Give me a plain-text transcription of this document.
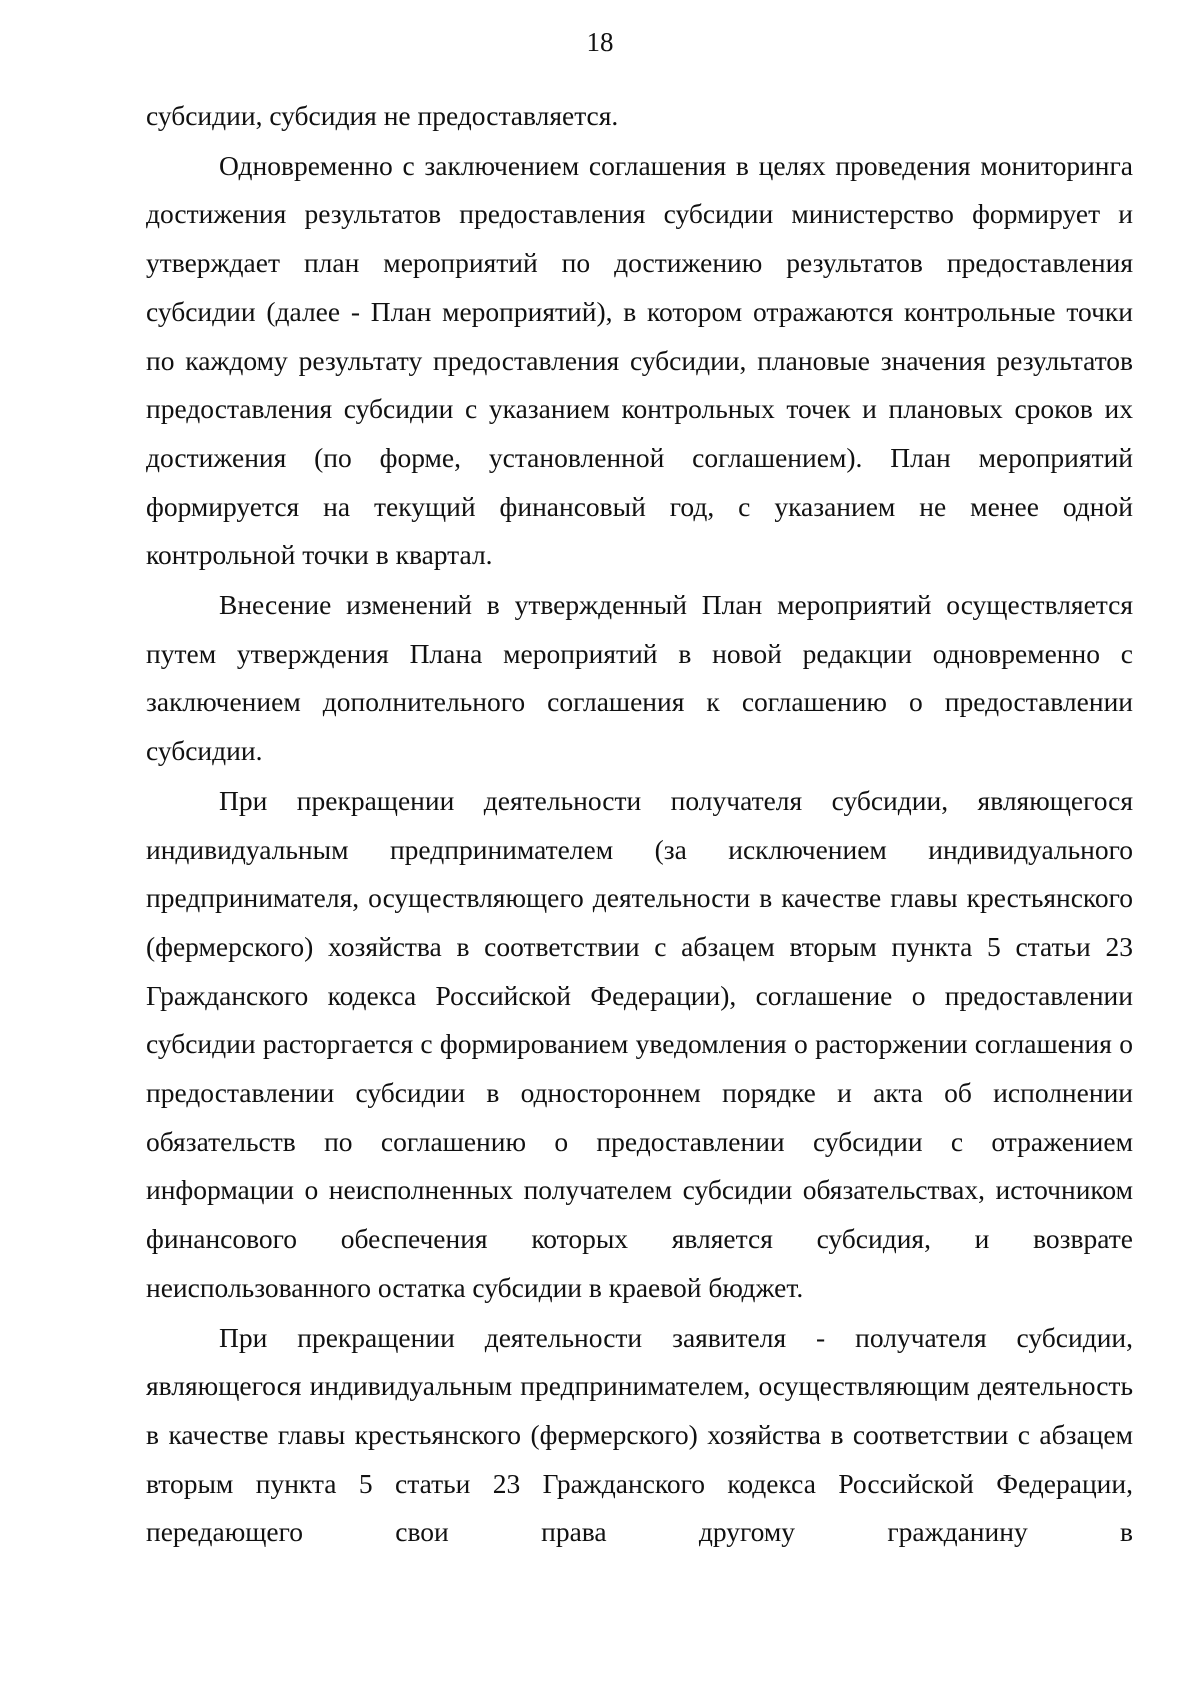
18

субсидии, субсидия не предоставляется.

Одновременно с заключением соглашения в целях проведения мониторинга достижения результатов предоставления субсидии министерство формирует и утверждает план мероприятий по достижению результатов предоставления субсидии (далее - План мероприятий), в котором отражаются контрольные точки по каждому результату предоставления субсидии, плановые значения результатов предоставления субсидии с указанием контрольных точек и плановых сроков их достижения (по форме, установленной соглашением). План мероприятий формируется на текущий финансовый год, с указанием не менее одной контрольной точки в квартал.

Внесение изменений в утвержденный План мероприятий осуществляется путем утверждения Плана мероприятий в новой редакции одновременно с заключением дополнительного соглашения к соглашению о предоставлении субсидии.

При прекращении деятельности получателя субсидии, являющегося индивидуальным предпринимателем (за исключением индивидуального предпринимателя, осуществляющего деятельности в качестве главы крестьянского (фермерского) хозяйства в соответствии с абзацем вторым пункта 5 статьи 23 Гражданского кодекса Российской Федерации), соглашение о предоставлении субсидии расторгается с формированием уведомления о расторжении соглашения о предоставлении субсидии в одностороннем порядке и акта об исполнении обязательств по соглашению о предоставлении субсидии с отражением информации о неисполненных получателем субсидии обязательствах, источником финансового обеспечения которых является субсидия, и возврате неиспользованного остатка субсидии в краевой бюджет.

При прекращении деятельности заявителя - получателя субсидии, являющегося индивидуальным предпринимателем, осуществляющим деятельность в качестве главы крестьянского (фермерского) хозяйства в соответствии с абзацем вторым пункта 5 статьи 23 Гражданского кодекса Российской Федерации, передающего свои права другому гражданину в
